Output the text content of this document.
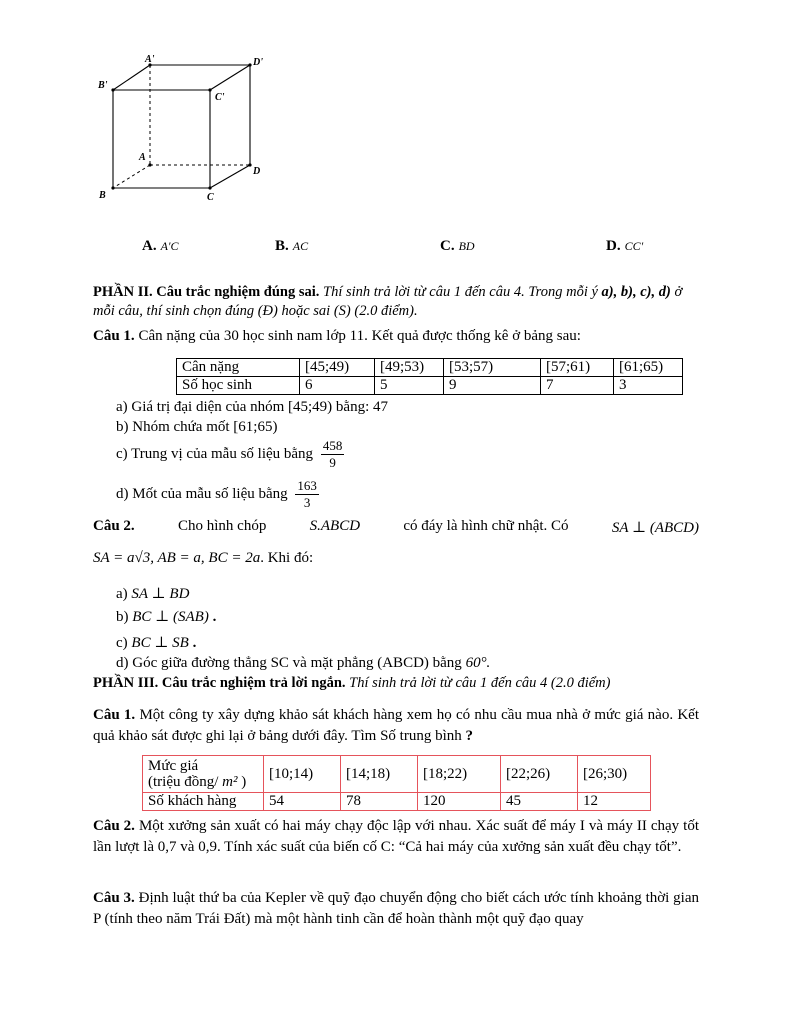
A'	D'
B'
C'
A
D
B	C
A. A'C	B. AC	C. BD	D. CC'
PHẦN II. Câu trắc nghiệm đúng sai. Thí sinh trả lời từ câu 1 đến câu 4. Trong mỗi ý a), b), c), d) ở mỗi câu, thí sinh chọn đúng (Đ) hoặc sai (S) (2.0 điểm).
Câu 1. Cân nặng của 30 học sinh nam lớp 11. Kết quả được thống kê ở bảng sau:
Cân nặng	[45;49)	[49;53)	[53;57)	[57;61)	[61;65)
Số học sinh	6	5	9	7	3
a) Giá trị đại diện của nhóm [45;49) bằng: 47
b) Nhóm chứa mốt [61;65)
c) Trung vị của mẫu số liệu bằng $\frac{458}{9}$
d) Mốt của mẫu số liệu bằng $\frac{163}{3}$
Câu 2.	Cho hình chóp	S.ABCD	có đáy là hình chữ nhật. Có	SA ⊥ (ABCD)
SA = a√3, AB = a, BC = 2a. Khi đó:
a) SA ⊥ BD
b) BC ⊥ (SAB) .
c) BC ⊥ SB .
d) Góc giữa đường thẳng SC và mặt phẳng (ABCD) bằng 60°.
PHẦN III. Câu trắc nghiệm trả lời ngắn. Thí sinh trả lời từ câu 1 đến câu 4 (2.0 điểm)
Câu 1. Một công ty xây dựng khảo sát khách hàng xem họ có nhu cầu mua nhà ở mức giá nào. Kết quả khảo sát được ghi lại ở bảng dưới đây. Tìm Số trung bình ?
Mức giá
(triệu đồng/ m² )	[10;14)	[14;18)	[18;22)	[22;26)	[26;30)
Số khách hàng	54	78	120	45	12
Câu 2. Một xưởng sản xuất có hai máy chạy độc lập với nhau. Xác suất để máy I và máy II chạy tốt lần lượt là 0,7 và 0,9. Tính xác suất của biến cố C: “Cả hai máy của xưởng sản xuất đều chạy tốt”.
Câu 3. Định luật thứ ba của Kepler về quỹ đạo chuyển động cho biết cách ước tính khoảng thời gian P (tính theo năm Trái Đất) mà một hành tinh cần để hoàn thành một quỹ đạo quay
